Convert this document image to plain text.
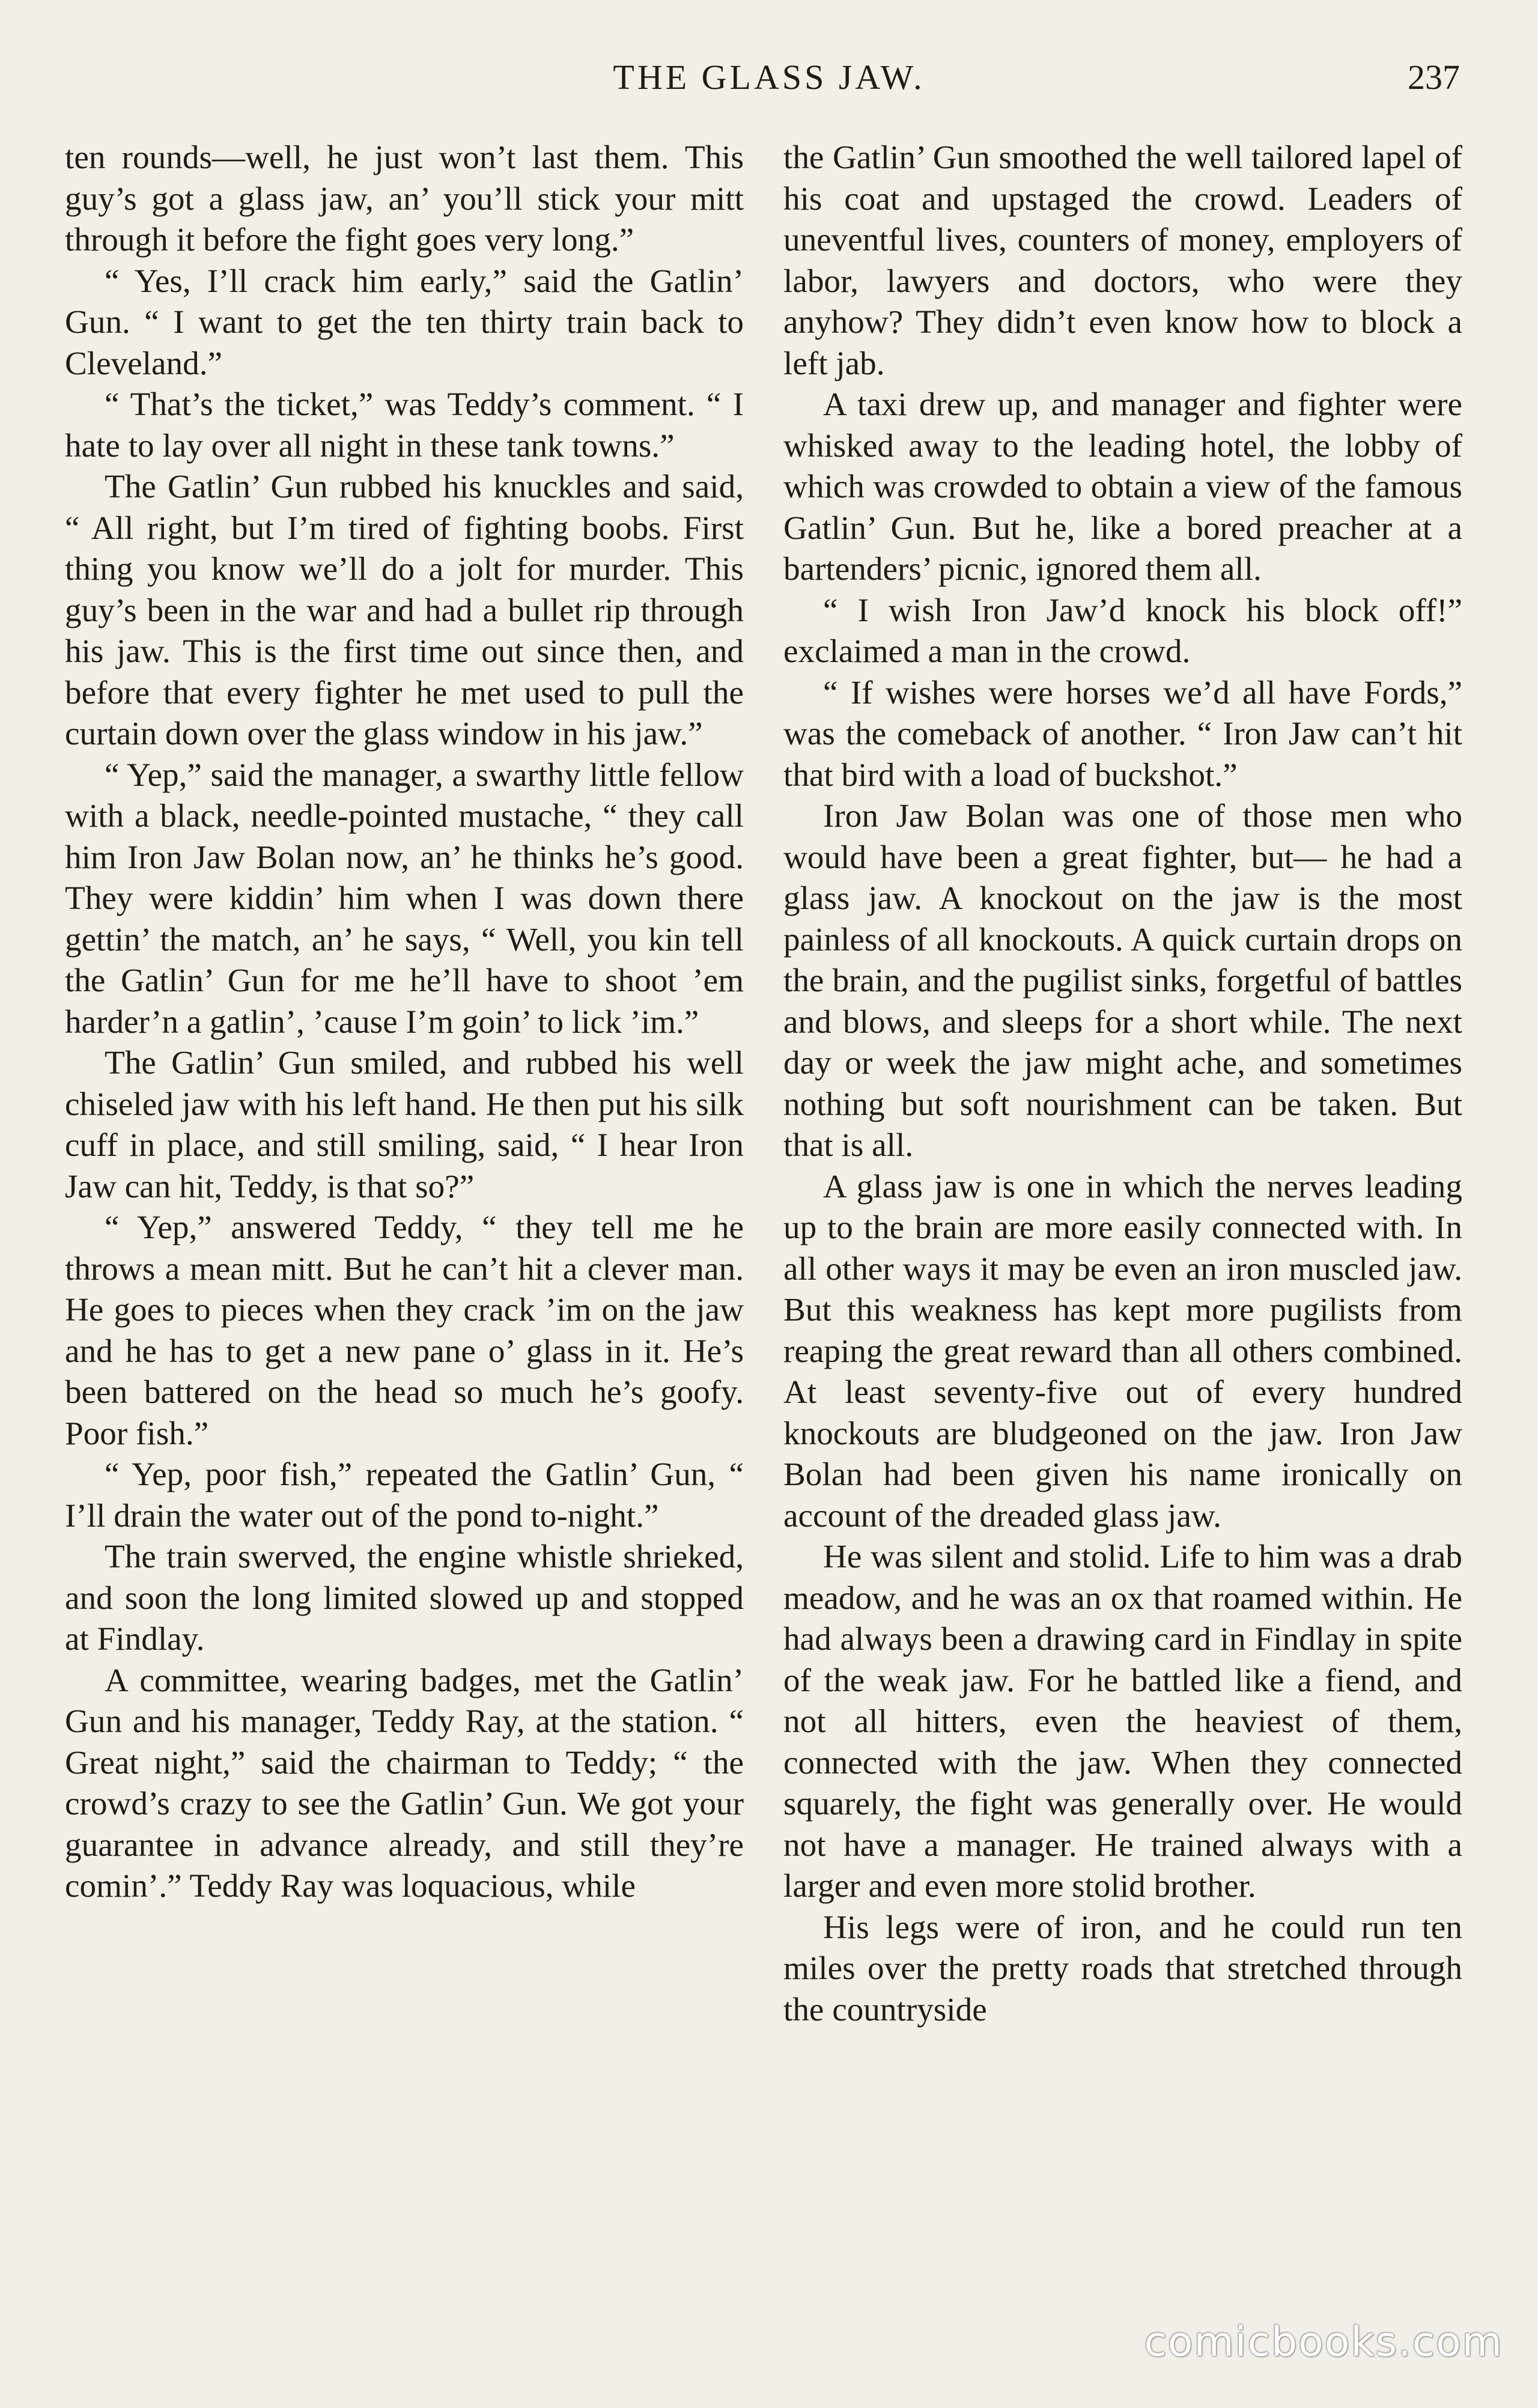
THE GLASS JAW.	237

ten rounds—well, he just won’t last them. This guy’s got a glass jaw, an’ you’ll stick your mitt through it before the fight goes very long.”

“ Yes, I’ll crack him early,” said the Gatlin’ Gun. “ I want to get the ten thirty train back to Cleveland.”

“ That’s the ticket,” was Teddy’s comment. “ I hate to lay over all night in these tank towns.”

The Gatlin’ Gun rubbed his knuckles and said, “ All right, but I’m tired of fighting boobs. First thing you know we’ll do a jolt for murder. This guy’s been in the war and had a bullet rip through his jaw. This is the first time out since then, and before that every fighter he met used to pull the curtain down over the glass window in his jaw.”

“ Yep,” said the manager, a swarthy little fellow with a black, needle-pointed mustache, “ they call him Iron Jaw Bolan now, an’ he thinks he’s good. They were kiddin’ him when I was down there gettin’ the match, an’ he says, “ Well, you kin tell the Gatlin’ Gun for me he’ll have to shoot ’em harder’n a gatlin’, ’cause I’m goin’ to lick ’im.”

The Gatlin’ Gun smiled, and rubbed his well chiseled jaw with his left hand. He then put his silk cuff in place, and still smiling, said, “ I hear Iron Jaw can hit, Teddy, is that so?”

“ Yep,” answered Teddy, “ they tell me he throws a mean mitt. But he can’t hit a clever man. He goes to pieces when they crack ’im on the jaw and he has to get a new pane o’ glass in it. He’s been battered on the head so much he’s goofy. Poor fish.”

“ Yep, poor fish,” repeated the Gatlin’ Gun, “ I’ll drain the water out of the pond to-night.”

The train swerved, the engine whistle shrieked, and soon the long limited slowed up and stopped at Findlay.

A committee, wearing badges, met the Gatlin’ Gun and his manager, Teddy Ray, at the station. “ Great night,” said the chairman to Teddy; “ the crowd’s crazy to see the Gatlin’ Gun. We got your guarantee in advance already, and still they’re comin’.” Teddy Ray was loquacious, while

the Gatlin’ Gun smoothed the well tailored lapel of his coat and upstaged the crowd. Leaders of uneventful lives, counters of money, employers of labor, lawyers and doctors, who were they anyhow? They didn’t even know how to block a left jab.

A taxi drew up, and manager and fighter were whisked away to the leading hotel, the lobby of which was crowded to obtain a view of the famous Gatlin’ Gun. But he, like a bored preacher at a bartenders’ picnic, ignored them all.

“ I wish Iron Jaw’d knock his block off!” exclaimed a man in the crowd.

“ If wishes were horses we’d all have Fords,” was the comeback of another. “ Iron Jaw can’t hit that bird with a load of buckshot.”

Iron Jaw Bolan was one of those men who would have been a great fighter, but— he had a glass jaw. A knockout on the jaw is the most painless of all knockouts. A quick curtain drops on the brain, and the pugilist sinks, forgetful of battles and blows, and sleeps for a short while. The next day or week the jaw might ache, and sometimes nothing but soft nourishment can be taken. But that is all.

A glass jaw is one in which the nerves leading up to the brain are more easily connected with. In all other ways it may be even an iron muscled jaw. But this weakness has kept more pugilists from reaping the great reward than all others combined. At least seventy-five out of every hundred knockouts are bludgeoned on the jaw. Iron Jaw Bolan had been given his name ironically on account of the dreaded glass jaw.

He was silent and stolid. Life to him was a drab meadow, and he was an ox that roamed within. He had always been a drawing card in Findlay in spite of the weak jaw. For he battled like a fiend, and not all hitters, even the heaviest of them, connected with the jaw. When they connected squarely, the fight was generally over. He would not have a manager. He trained always with a larger and even more stolid brother.

His legs were of iron, and he could run ten miles over the pretty roads that stretched through the countryside

comicbooks.com
